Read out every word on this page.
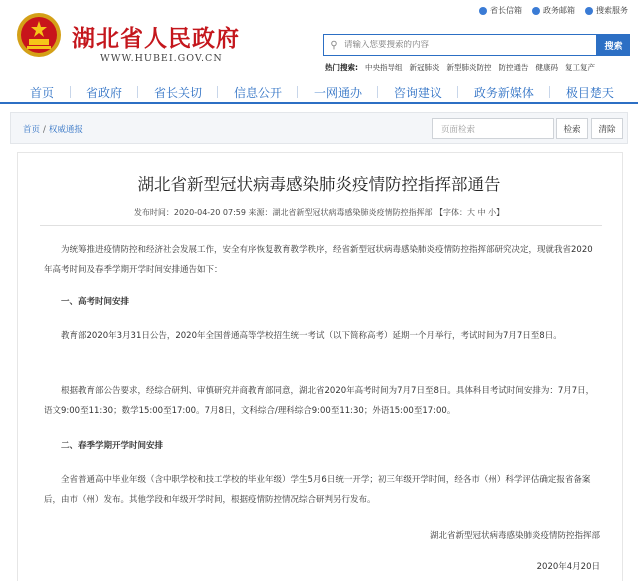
湖北省人民政府
WWW.HUBEI.GOV.CN
省长信箱	政务邮箱	搜索服务
⚲
请输入您要搜索的内容	搜索
热门搜索: 中央指导组 新冠肺炎 新型肺炎防控 防控通告 健康码 复工复产
首页	省政府	省长关切	信息公开	一网通办	咨询建议	政务新媒体	极目楚天
首页 / 权威通报	页面检索	检索	清除
湖北省新型冠状病毒感染肺炎疫情防控指挥部通告
发布时间：2020-04-20 07:59 来源：湖北省新型冠状病毒感染肺炎疫情防控指挥部 【字体：大 中 小】
为统筹推进疫情防控和经济社会发展工作，安全有序恢复教育教学秩序，经省新型冠状病毒感染肺炎疫情防控指挥部研究决定，现就我省2020年高考时间及春季学期开学时间安排通告如下：
一、高考时间安排
教育部2020年3月31日公告，2020年全国普通高等学校招生统一考试（以下简称高考）延期一个月举行，考试时间为7月7日至8日。
根据教育部公告要求，经综合研判、审慎研究并商教育部同意，湖北省2020年高考时间为7月7日至8日。具体科目考试时间安排为：7月7日，语文9:00至11:30；数学15:00至17:00。7月8日，文科综合/理科综合9:00至11:30；外语15:00至17:00。
二、春季学期开学时间安排
全省普通高中毕业年级（含中职学校和技工学校的毕业年级）学生5月6日统一开学；初三年级开学时间，经各市（州）科学评估确定报省备案后，由市（州）发布。其他学段和年级开学时间，根据疫情防控情况综合研判另行发布。
湖北省新型冠状病毒感染肺炎疫情防控指挥部
2020年4月20日
